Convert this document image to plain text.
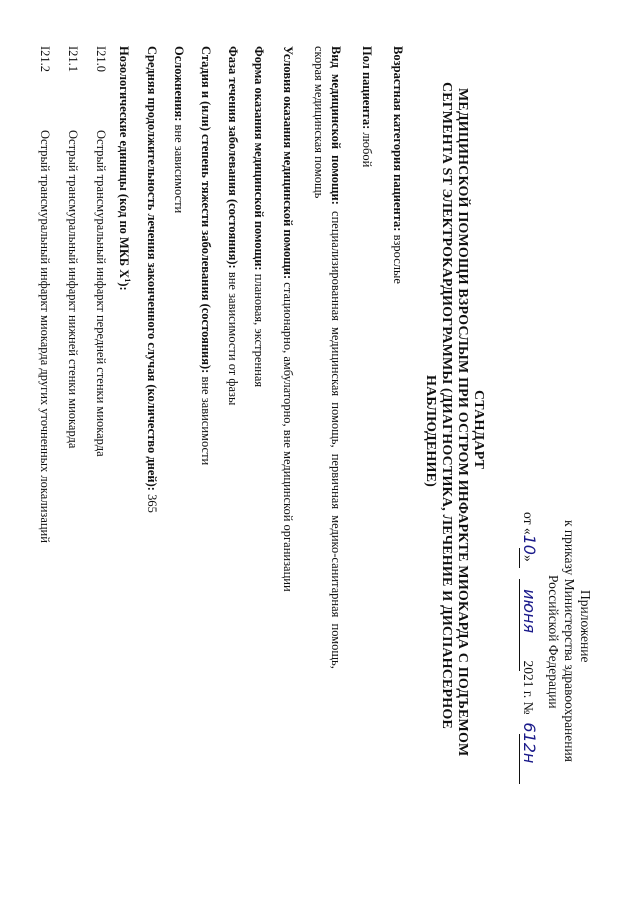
Приложение
к приказу Министерства здравоохранения
Российской Федерации
от «10» июня 2021 г. № 612н
СТАНДАРТ
МЕДИЦИНСКОЙ ПОМОЩИ ВЗРОСЛЫМ ПРИ ОСТРОМ ИНФАРКТЕ МИОКАРДА С ПОДЪЕМОМ
СЕГМЕНТА ST ЭЛЕКТРОКАРДИОГРАММЫ (ДИАГНОСТИКА, ЛЕЧЕНИЕ И ДИСПАНСЕРНОЕ
НАБЛЮДЕНИЕ)
Возрастная категория пациента: взрослые
Пол пациента: любой
Вид медицинской помощи: специализированная медицинская помощь, первичная медико-санитарная помощь,
скорая медицинская помощь
Условия оказания медицинской помощи: стационарно, амбулаторно, вне медицинской организации
Форма оказания медицинской помощи: плановая, экстренная
Фаза течения заболевания (состояния): вне зависимости от фазы
Стадия и (или) степень тяжести заболевания (состояния): вне зависимости
Осложнения: вне зависимости
Средняя продолжительность лечения законченного случая (количество дней): 365
Нозологические единицы (код по МКБ $X^1$):
I21.0
Острый трансмуральный инфаркт передней стенки миокарда
I21.1
Острый трансмуральный инфаркт нижней стенки миокарда
I21.2
Острый трансмуральный инфаркт миокарда других уточненных локализаций
